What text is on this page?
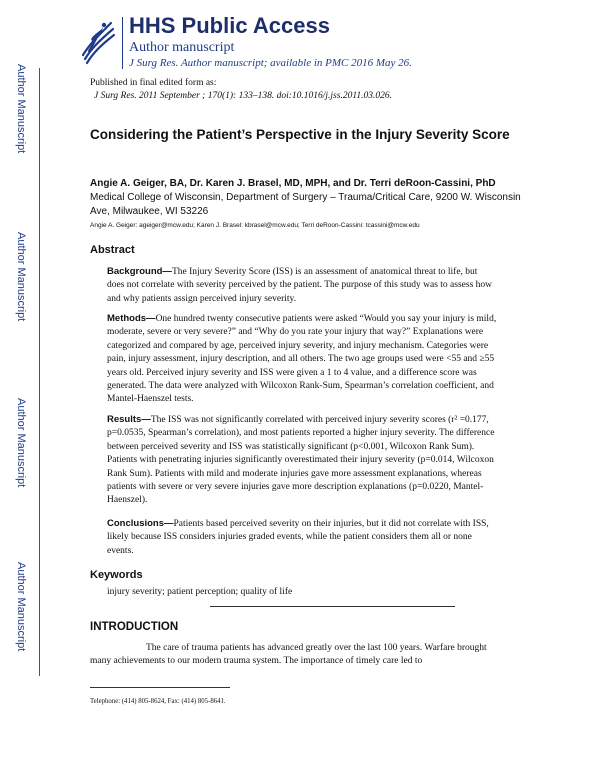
Author Manuscript
Author Manuscript
Author Manuscript
Author Manuscript
HHS Public Access
Author manuscript
J Surg Res. Author manuscript; available in PMC 2016 May 26.
Published in final edited form as:
J Surg Res. 2011 September ; 170(1): 133–138. doi:10.1016/j.jss.2011.03.026.
Considering the Patient’s Perspective in the Injury Severity Score
Angie A. Geiger, BA, Dr. Karen J. Brasel, MD, MPH, and Dr. Terri deRoon-Cassini, PhD
Medical College of Wisconsin, Department of Surgery – Trauma/Critical Care, 9200 W. Wisconsin Ave, Milwaukee, WI 53226
Angie A. Geiger: ageiger@mcw.edu; Karen J. Brasel: kbrasel@mcw.edu; Terri deRoon-Cassini: tcassini@mcw.edu
Abstract
Background—The Injury Severity Score (ISS) is an assessment of anatomical threat to life, but does not correlate with severity perceived by the patient. The purpose of this study was to assess how and why patients assign perceived injury severity.
Methods—One hundred twenty consecutive patients were asked “Would you say your injury is mild, moderate, severe or very severe?” and “Why do you rate your injury that way?” Explanations were categorized and compared by age, perceived injury severity, and injury mechanism. Categories were pain, injury assessment, injury description, and all others. The two age groups used were <55 and ≥55 years old. Perceived injury severity and ISS were given a 1 to 4 value, and a difference score was generated. The data were analyzed with Wilcoxon Rank-Sum, Spearman’s correlation coefficient, and Mantel-Haenszel tests.
Results—The ISS was not significantly correlated with perceived injury severity scores (r² =0.177, p=0.0535, Spearman’s correlation), and most patients reported a higher injury severity. The difference between perceived severity and ISS was statistically significant (p<0.001, Wilcoxon Rank Sum). Patients with penetrating injuries significantly overestimated their injury severity (p=0.014, Wilcoxon Rank Sum). Patients with mild and moderate injuries gave more assessment explanations, whereas patients with severe or very severe injuries gave more description explanations (p=0.0220, Mantel-Haenszel).
Conclusions—Patients based perceived severity on their injuries, but it did not correlate with ISS, likely because ISS considers injuries graded events, while the patient considers them all or none events.
Keywords
injury severity; patient perception; quality of life
INTRODUCTION
The care of trauma patients has advanced greatly over the last 100 years. Warfare brought many achievements to our modern trauma system. The importance of timely care led to
Telephone: (414) 805-8624, Fax: (414) 805-8641.
